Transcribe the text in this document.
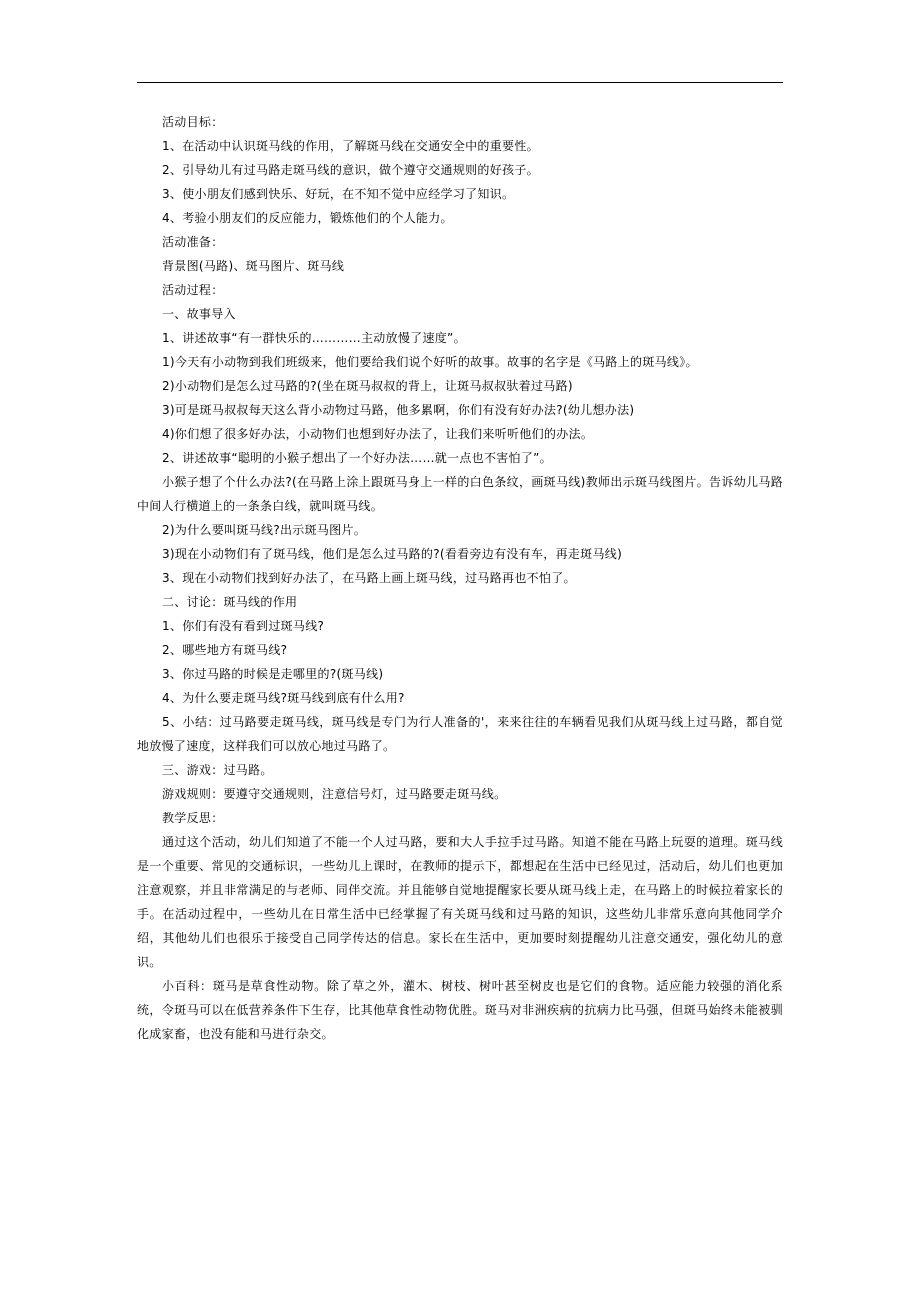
活动目标：
1、在活动中认识斑马线的作用，了解斑马线在交通安全中的重要性。
2、引导幼儿有过马路走斑马线的意识，做个遵守交通规则的好孩子。
3、使小朋友们感到快乐、好玩，在不知不觉中应经学习了知识。
4、考验小朋友们的反应能力，锻炼他们的个人能力。
活动准备：
背景图(马路)、斑马图片、斑马线
活动过程：
一、故事导入
1、讲述故事“有一群快乐的…………主动放慢了速度”。
1)今天有小动物到我们班级来，他们要给我们说个好听的故事。故事的名字是《马路上的斑马线》。
2)小动物们是怎么过马路的?(坐在斑马叔叔的背上，让斑马叔叔驮着过马路)
3)可是斑马叔叔每天这么背小动物过马路，他多累啊，你们有没有好办法?(幼儿想办法)
4)你们想了很多好办法，小动物们也想到好办法了，让我们来听听他们的办法。
2、讲述故事“聪明的小猴子想出了一个好办法……就一点也不害怕了”。
小猴子想了个什么办法?(在马路上涂上跟斑马身上一样的白色条纹，画斑马线)教师出示斑马线图片。告诉幼儿马路中间人行横道上的一条条白线，就叫斑马线。
2)为什么要叫斑马线?出示斑马图片。
3)现在小动物们有了斑马线，他们是怎么过马路的?(看看旁边有没有车，再走斑马线)
3、现在小动物们找到好办法了，在马路上画上斑马线，过马路再也不怕了。
二、讨论：斑马线的作用
1、你们有没有看到过斑马线?
2、哪些地方有斑马线?
3、你过马路的时候是走哪里的?(斑马线)
4、为什么要走斑马线?斑马线到底有什么用?
5、小结：过马路要走斑马线，斑马线是专门为行人准备的'，来来往往的车辆看见我们从斑马线上过马路，都自觉地放慢了速度，这样我们可以放心地过马路了。
三、游戏：过马路。
游戏规则：要遵守交通规则，注意信号灯，过马路要走斑马线。
教学反思：
通过这个活动，幼儿们知道了不能一个人过马路，要和大人手拉手过马路。知道不能在马路上玩耍的道理。斑马线是一个重要、常见的交通标识，一些幼儿上课时，在教师的提示下，都想起在生活中已经见过，活动后，幼儿们也更加注意观察，并且非常满足的与老师、同伴交流。并且能够自觉地提醒家长要从斑马线上走，在马路上的时候拉着家长的手。在活动过程中，一些幼儿在日常生活中已经掌握了有关斑马线和过马路的知识，这些幼儿非常乐意向其他同学介绍，其他幼儿们也很乐于接受自己同学传达的信息。家长在生活中，更加要时刻提醒幼儿注意交通安，强化幼儿的意识。
小百科：斑马是草食性动物。除了草之外，灌木、树枝、树叶甚至树皮也是它们的食物。适应能力较强的消化系统，令斑马可以在低营养条件下生存，比其他草食性动物优胜。斑马对非洲疾病的抗病力比马强，但斑马始终未能被驯化成家畜，也没有能和马进行杂交。
